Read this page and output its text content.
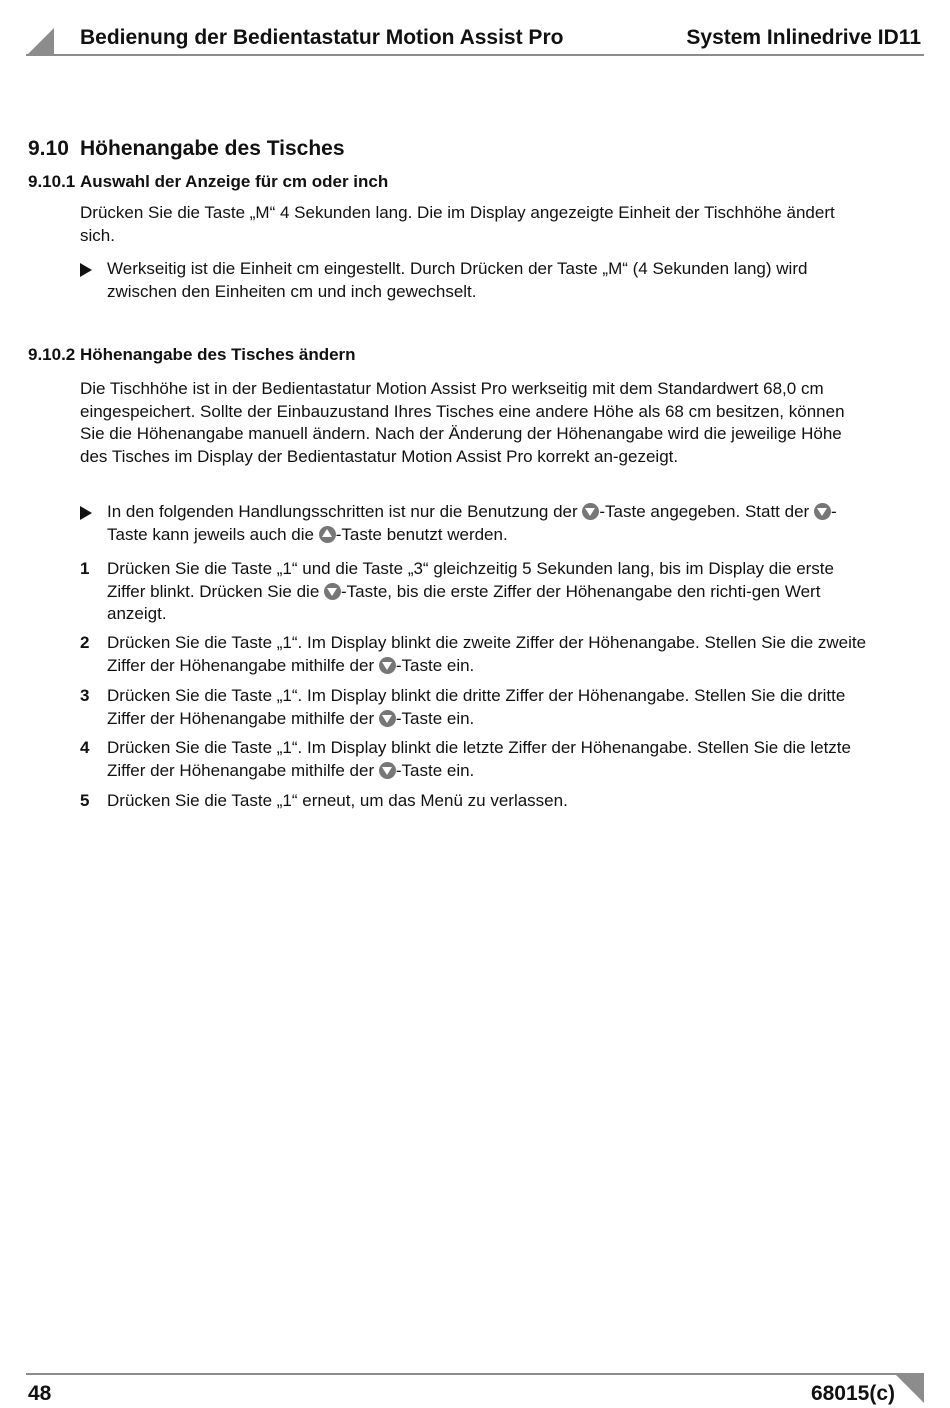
Bedienung der Bedientastatur Motion Assist Pro	System Inlinedrive ID11
9.10 Höhenangabe des Tisches
9.10.1 Auswahl der Anzeige für cm oder inch
Drücken Sie die Taste „M“ 4 Sekunden lang. Die im Display angezeigte Einheit der Tischhöhe ändert sich.
Werkseitig ist die Einheit cm eingestellt. Durch Drücken der Taste „M“ (4 Sekunden lang) wird zwischen den Einheiten cm und inch gewechselt.
9.10.2 Höhenangabe des Tisches ändern
Die Tischhöhe ist in der Bedientastatur Motion Assist Pro werkseitig mit dem Standardwert 68,0 cm eingespeichert. Sollte der Einbauzustand Ihres Tisches eine andere Höhe als 68 cm besitzen, können Sie die Höhenangabe manuell ändern. Nach der Änderung der Höhenangabe wird die jeweilige Höhe des Tisches im Display der Bedientastatur Motion Assist Pro korrekt an-gezeigt.
In den folgenden Handlungsschritten ist nur die Benutzung der -Taste angegeben. Statt der -Taste kann jeweils auch die -Taste benutzt werden.
1 Drücken Sie die Taste „1“ und die Taste „3“ gleichzeitig 5 Sekunden lang, bis im Display die erste Ziffer blinkt. Drücken Sie die -Taste, bis die erste Ziffer der Höhenangabe den richti-gen Wert anzeigt.
2 Drücken Sie die Taste „1“. Im Display blinkt die zweite Ziffer der Höhenangabe. Stellen Sie die zweite Ziffer der Höhenangabe mithilfe der -Taste ein.
3 Drücken Sie die Taste „1“. Im Display blinkt die dritte Ziffer der Höhenangabe. Stellen Sie die dritte Ziffer der Höhenangabe mithilfe der -Taste ein.
4 Drücken Sie die Taste „1“. Im Display blinkt die letzte Ziffer der Höhenangabe. Stellen Sie die letzte Ziffer der Höhenangabe mithilfe der -Taste ein.
5 Drücken Sie die Taste „1“ erneut, um das Menü zu verlassen.
48	68015(c)
